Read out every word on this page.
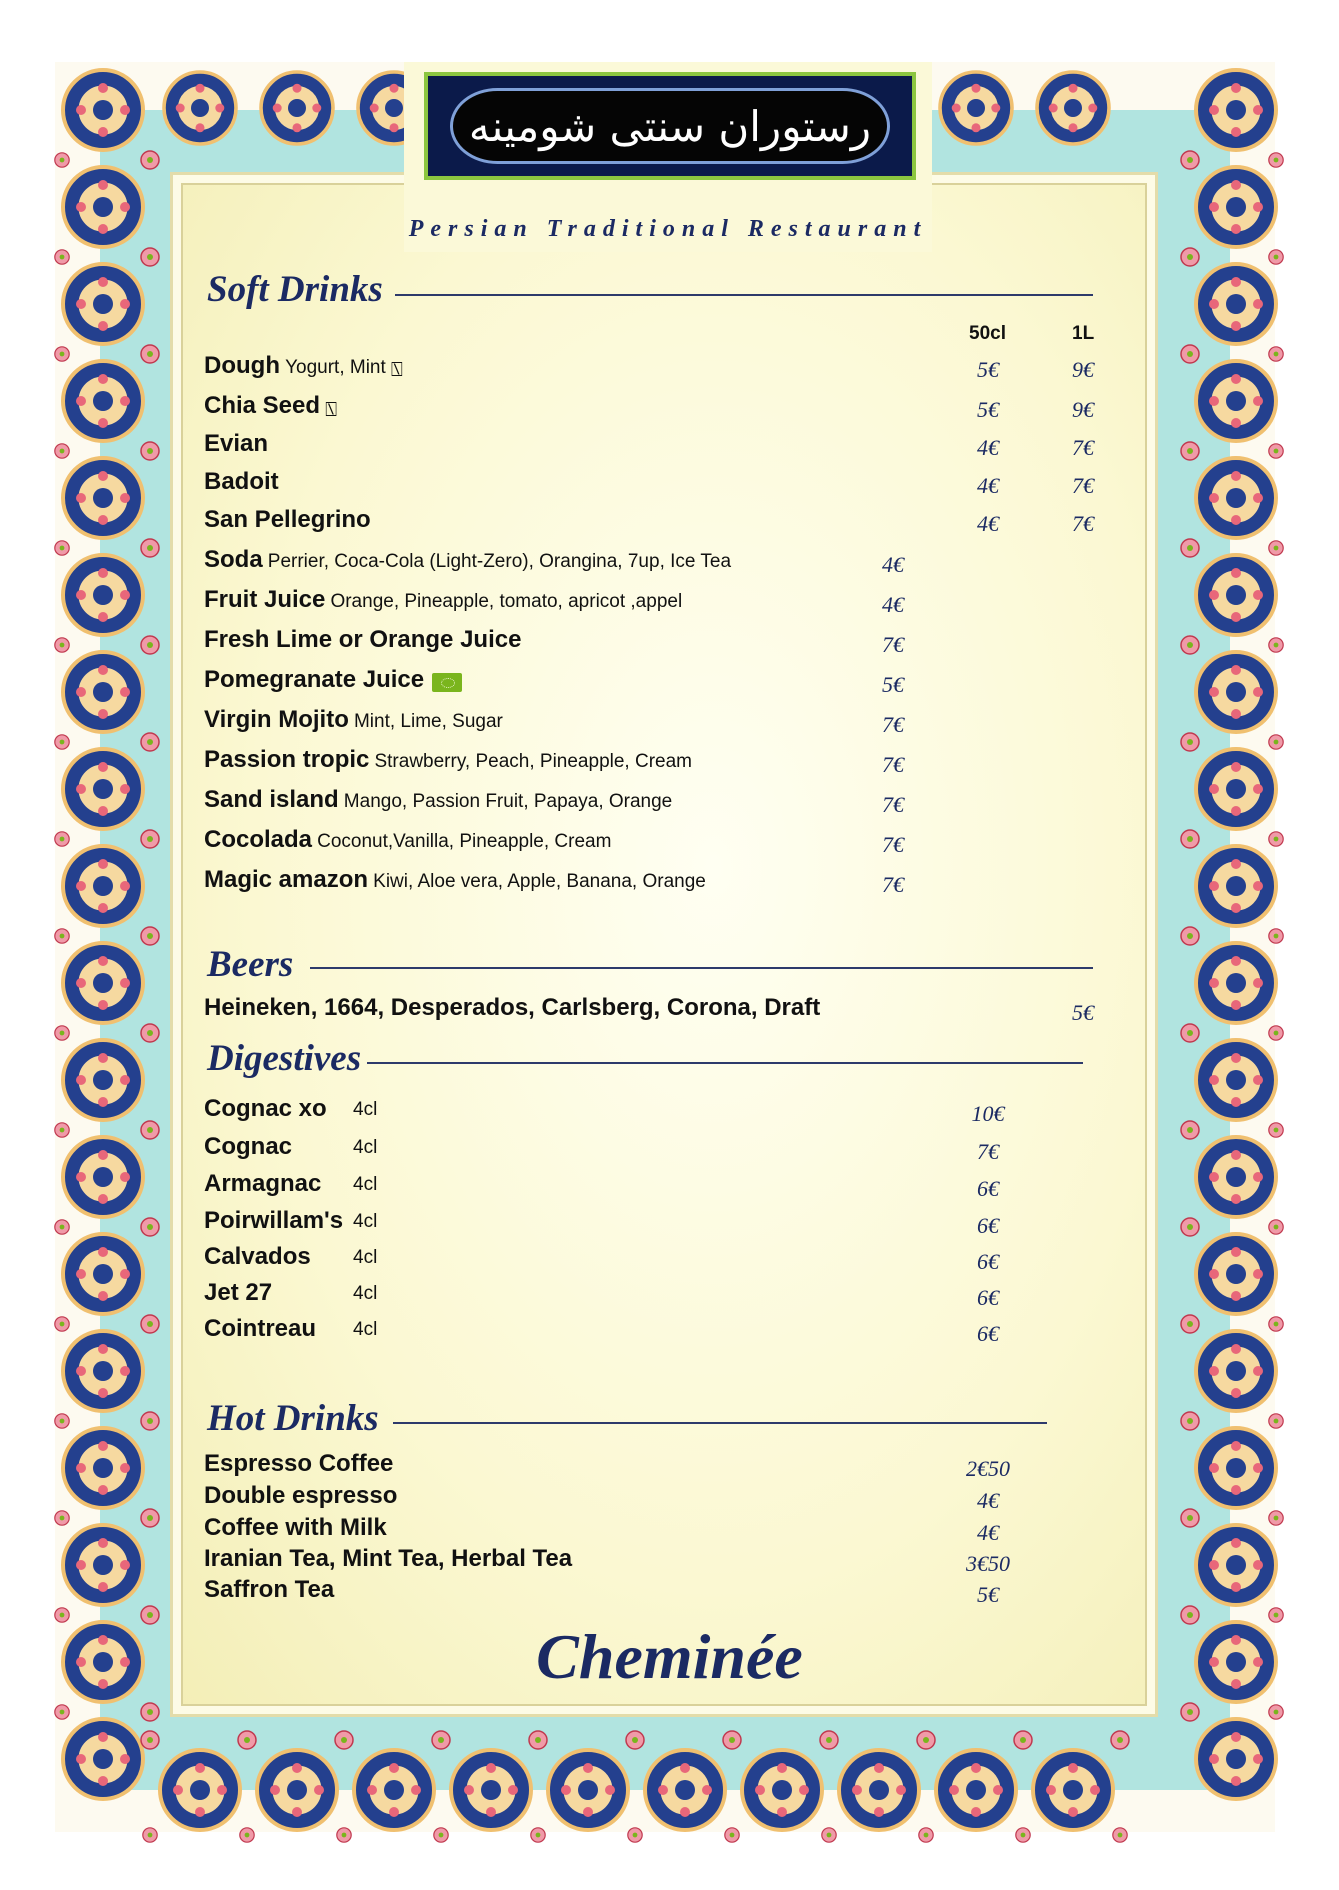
رستوران سنتی شومینه
Persian Traditional Restaurant
Soft Drinks
50cl	1L
Dough Yogurt, Mint ⍂	5€	9€
Chia Seed ⍂	5€	9€
Evian	4€	7€
Badoit	4€	7€
San Pellegrino	4€	7€
Soda Perrier, Coca-Cola (Light-Zero), Orangina, 7up, Ice Tea	4€
Fruit Juice Orange, Pineapple, tomato, apricot ,appel	4€
Fresh Lime or Orange Juice	7€
Pomegranate Juice	5€
Virgin Mojito Mint, Lime, Sugar	7€
Passion tropic Strawberry, Peach, Pineapple, Cream	7€
Sand island Mango, Passion Fruit, Papaya, Orange	7€
Cocolada Coconut,Vanilla, Pineapple, Cream	7€
Magic amazon Kiwi, Aloe vera, Apple, Banana, Orange	7€
Beers
Heineken, 1664, Desperados, Carlsberg, Corona, Draft	5€
Digestives
Cognac xo 4cl	10€
Cognac	4cl	7€
Armagnac 4cl	6€
Poirwillam's 4cl	6€
Calvados 4cl	6€
Jet 27	4cl	6€
Cointreau 4cl	6€
Hot Drinks
Espresso Coffee	2€50
Double espresso	4€
Coffee with Milk	4€
Iranian Tea, Mint Tea, Herbal Tea	3€50
Saffron Tea	5€
Cheminée
